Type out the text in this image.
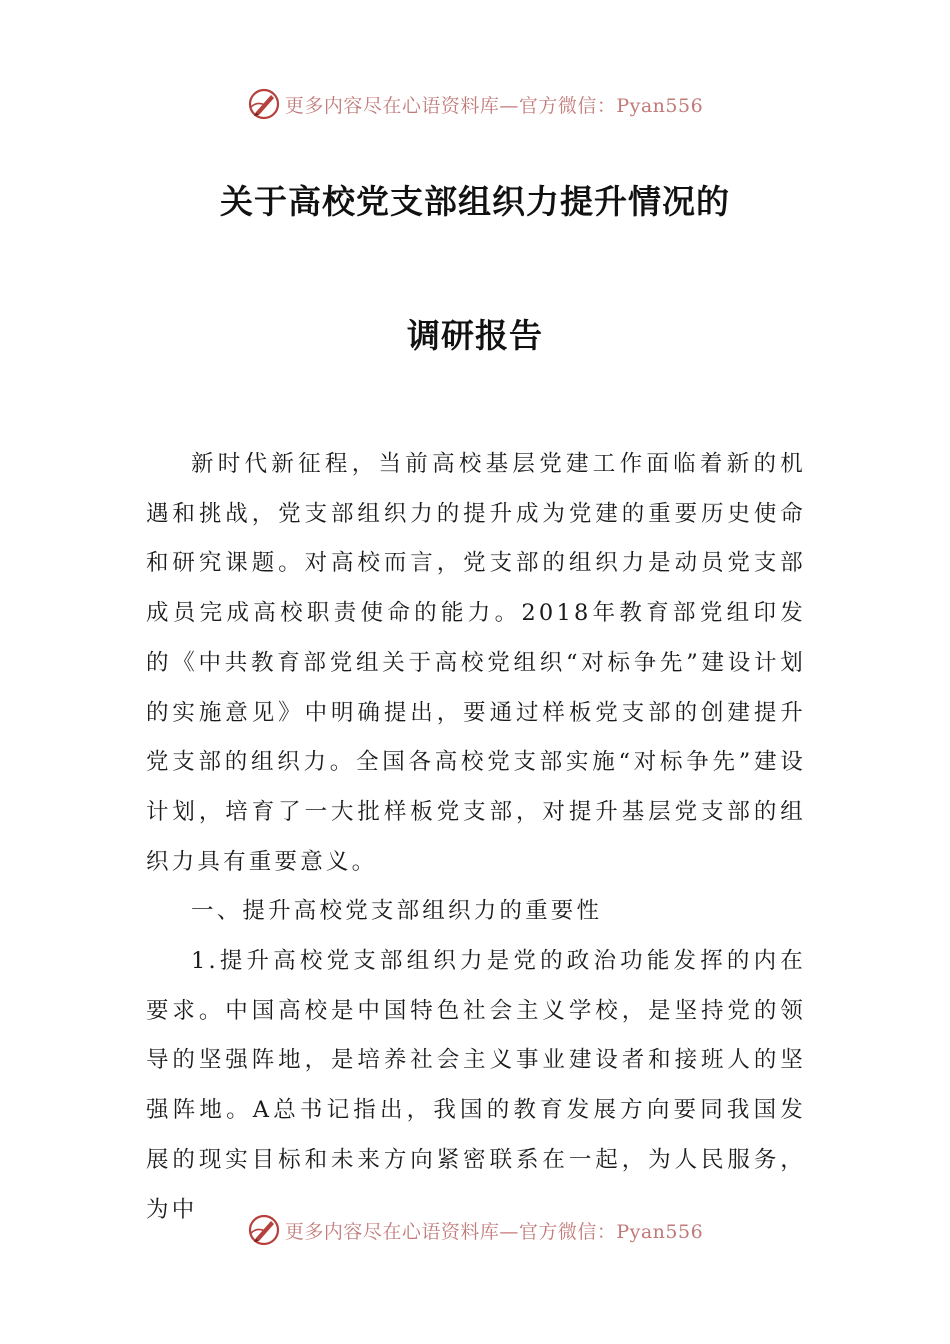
更多内容尽在心语资料库—官方微信：Pyan556
关于高校党支部组织力提升情况的
调研报告

新时代新征程，当前高校基层党建工作面临着新的机遇和挑战，党支部组织力的提升成为党建的重要历史使命和研究课题。对高校而言，党支部的组织力是动员党支部成员完成高校职责使命的能力。2018年教育部党组印发的《中共教育部党组关于高校党组织“对标争先”建设计划的实施意见》中明确提出，要通过样板党支部的创建提升党支部的组织力。全国各高校党支部实施“对标争先”建设计划，培育了一大批样板党支部，对提升基层党支部的组织力具有重要意义。

一、提升高校党支部组织力的重要性

1.提升高校党支部组织力是党的政治功能发挥的内在要求。中国高校是中国特色社会主义学校，是坚持党的领导的坚强阵地，是培养社会主义事业建设者和接班人的坚强阵地。A总书记指出，我国的教育发展方向要同我国发展的现实目标和未来方向紧密联系在一起，为人民服务，为中

更多内容尽在心语资料库—官方微信：Pyan556
